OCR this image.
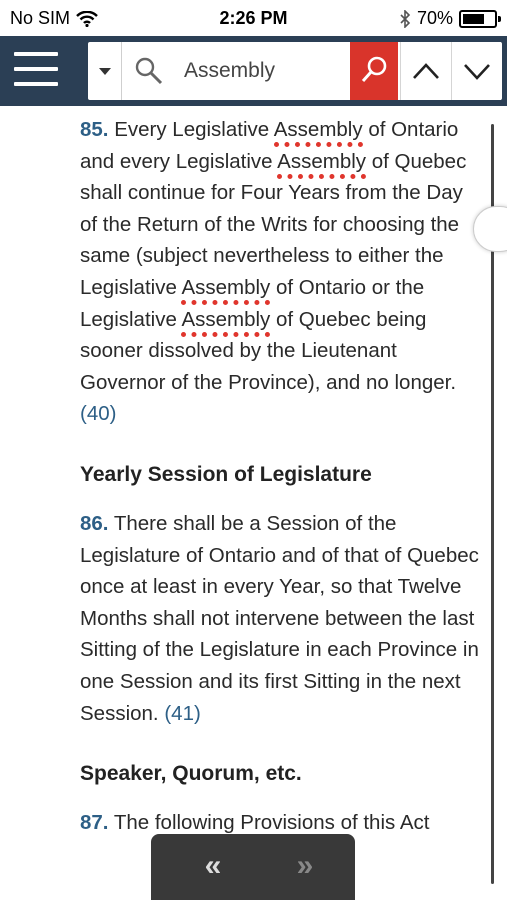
No SIM	2:26 PM	70%
Assembly

85. Every Legislative Assembly of Ontario and every Legislative Assembly of Quebec shall continue for Four Years from the Day of the Return of the Writs for choosing the same (subject nevertheless to either the Legislative Assembly of Ontario or the Legislative Assembly of Quebec being sooner dissolved by the Lieutenant Governor of the Province), and no longer. (40)

Yearly Session of Legislature

86. There shall be a Session of the Legislature of Ontario and of that of Quebec once at least in every Year, so that Twelve Months shall not intervene between the last Sitting of the Legislature in each Province in one Session and its first Sitting in the next Session. (41)

Speaker, Quorum, etc.

87. The following Provisions of this Act

«	»
